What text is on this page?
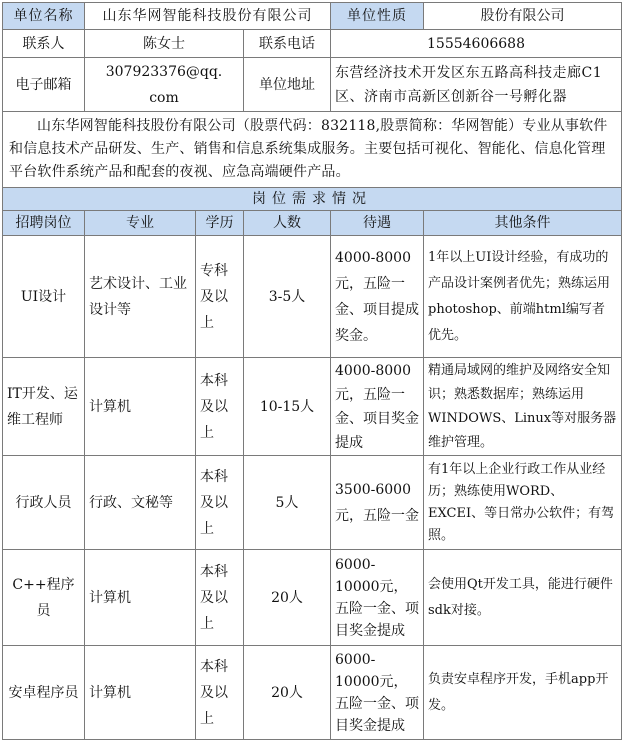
单位名称	山东华网智能科技股份有限公司			单位性质	股份有限公司
联系人	陈女士		联系电话	15554606688	
电子邮箱	307923376@qq. com		单位地址	东营经济技术开发区东五路高科技走廊C1区、济南市高新区创新谷一号孵化器	
山东华网智能科技股份有限公司（股票代码：832118,股票简称：华网智能）专业从事软件和信息技术产品研发、生产、销售和信息系统集成服务。主要包括可视化、智能化、信息化管理平台软件系统产品和配套的夜视、应急高端硬件产品。					
岗位需求情况					
招聘岗位	专业	学历	人数	待遇	其他条件
UI设计	艺术设计、工业设计等	专科及以上	3-5人	4000-8000元，五险一金、项目提成奖金。	1年以上UI设计经验，有成功的产品设计案例者优先；熟练运用photoshop、前端html编写者优先。
IT开发、运维工程师	计算机	本科及以上	10-15人	4000-8000元，五险一金、项目奖金提成	精通局域网的维护及网络安全知识；熟悉数据库；熟练运用WINDOWS、Linux等对服务器维护管理。
行政人员	行政、文秘等	本科及以上	5人	3500-6000元，五险一金	有1年以上企业行政工作从业经历；熟练使用WORD、EXCEI、等日常办公软件；有驾照。
C++程序员	计算机	本科及以上	20人	6000-10000元，五险一金、项目奖金提成	会使用Qt开发工具，能进行硬件sdk对接。
安卓程序员	计算机	本科及以上	20人	6000-10000元，五险一金、项目奖金提成	负责安卓程序开发，手机app开发。
